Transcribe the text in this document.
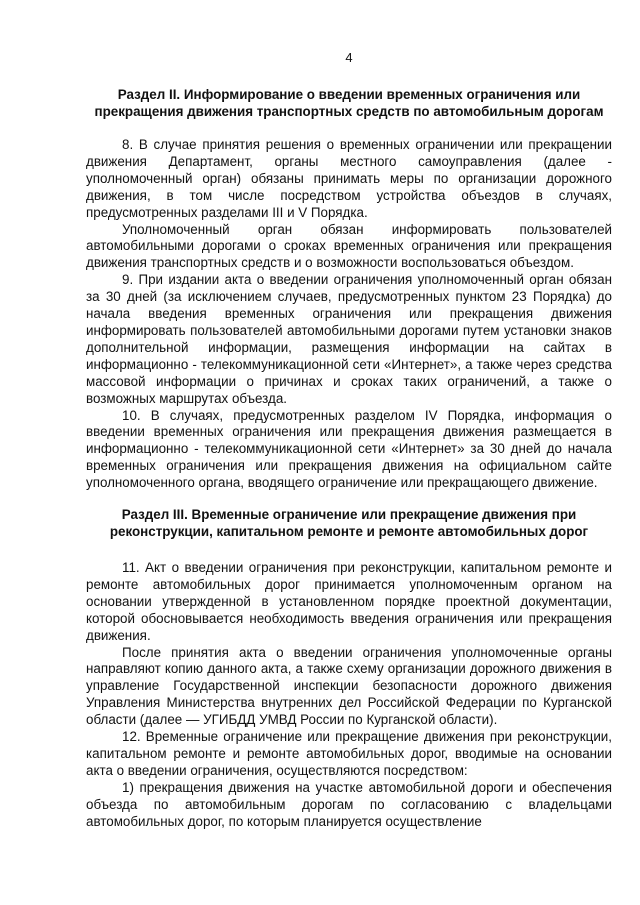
4
Раздел II. Информирование о введении временных ограничения или
прекращения движения транспортных средств по автомобильным дорогам

8. В случае принятия решения о временных ограничении или прекращении движения Департамент, органы местного самоуправления (далее - уполномоченный орган) обязаны принимать меры по организации дорожного движения, в том числе посредством устройства объездов в случаях, предусмотренных разделами III и V Порядка.

Уполномоченный орган обязан информировать пользователей автомобильными дорогами о сроках временных ограничения или прекращения движения транспортных средств и о возможности воспользоваться объездом.

9. При издании акта о введении ограничения уполномоченный орган обязан за 30 дней (за исключением случаев, предусмотренных пунктом 23 Порядка) до начала введения временных ограничения или прекращения движения информировать пользователей автомобильными дорогами путем установки знаков дополнительной информации, размещения информации на сайтах в информационно - телекоммуникационной сети «Интернет», а также через средства массовой информации о причинах и сроках таких ограничений, а также о возможных маршрутах объезда.

10. В случаях, предусмотренных разделом IV Порядка, информация о введении временных ограничения или прекращения движения размещается в информационно - телекоммуникационной сети «Интернет» за 30 дней до начала временных ограничения или прекращения движения на официальном сайте уполномоченного органа, вводящего ограничение или прекращающего движение.

Раздел III. Временные ограничение или прекращение движения при
реконструкции, капитальном ремонте и ремонте автомобильных дорог

11. Акт о введении ограничения при реконструкции, капитальном ремонте и ремонте автомобильных дорог принимается уполномоченным органом на основании утвержденной в установленном порядке проектной документации, которой обосновывается необходимость введения ограничения или прекращения движения.

После принятия акта о введении ограничения уполномоченные органы направляют копию данного акта, а также схему организации дорожного движения в управление Государственной инспекции безопасности дорожного движения Управления Министерства внутренних дел Российской Федерации по Курганской области (далее — УГИБДД УМВД России по Курганской области).

12. Временные ограничение или прекращение движения при реконструкции, капитальном ремонте и ремонте автомобильных дорог, вводимые на основании акта о введении ограничения, осуществляются посредством:

1) прекращения движения на участке автомобильной дороги и обеспечения объезда по автомобильным дорогам по согласованию с владельцами автомобильных дорог, по которым планируется осуществление
